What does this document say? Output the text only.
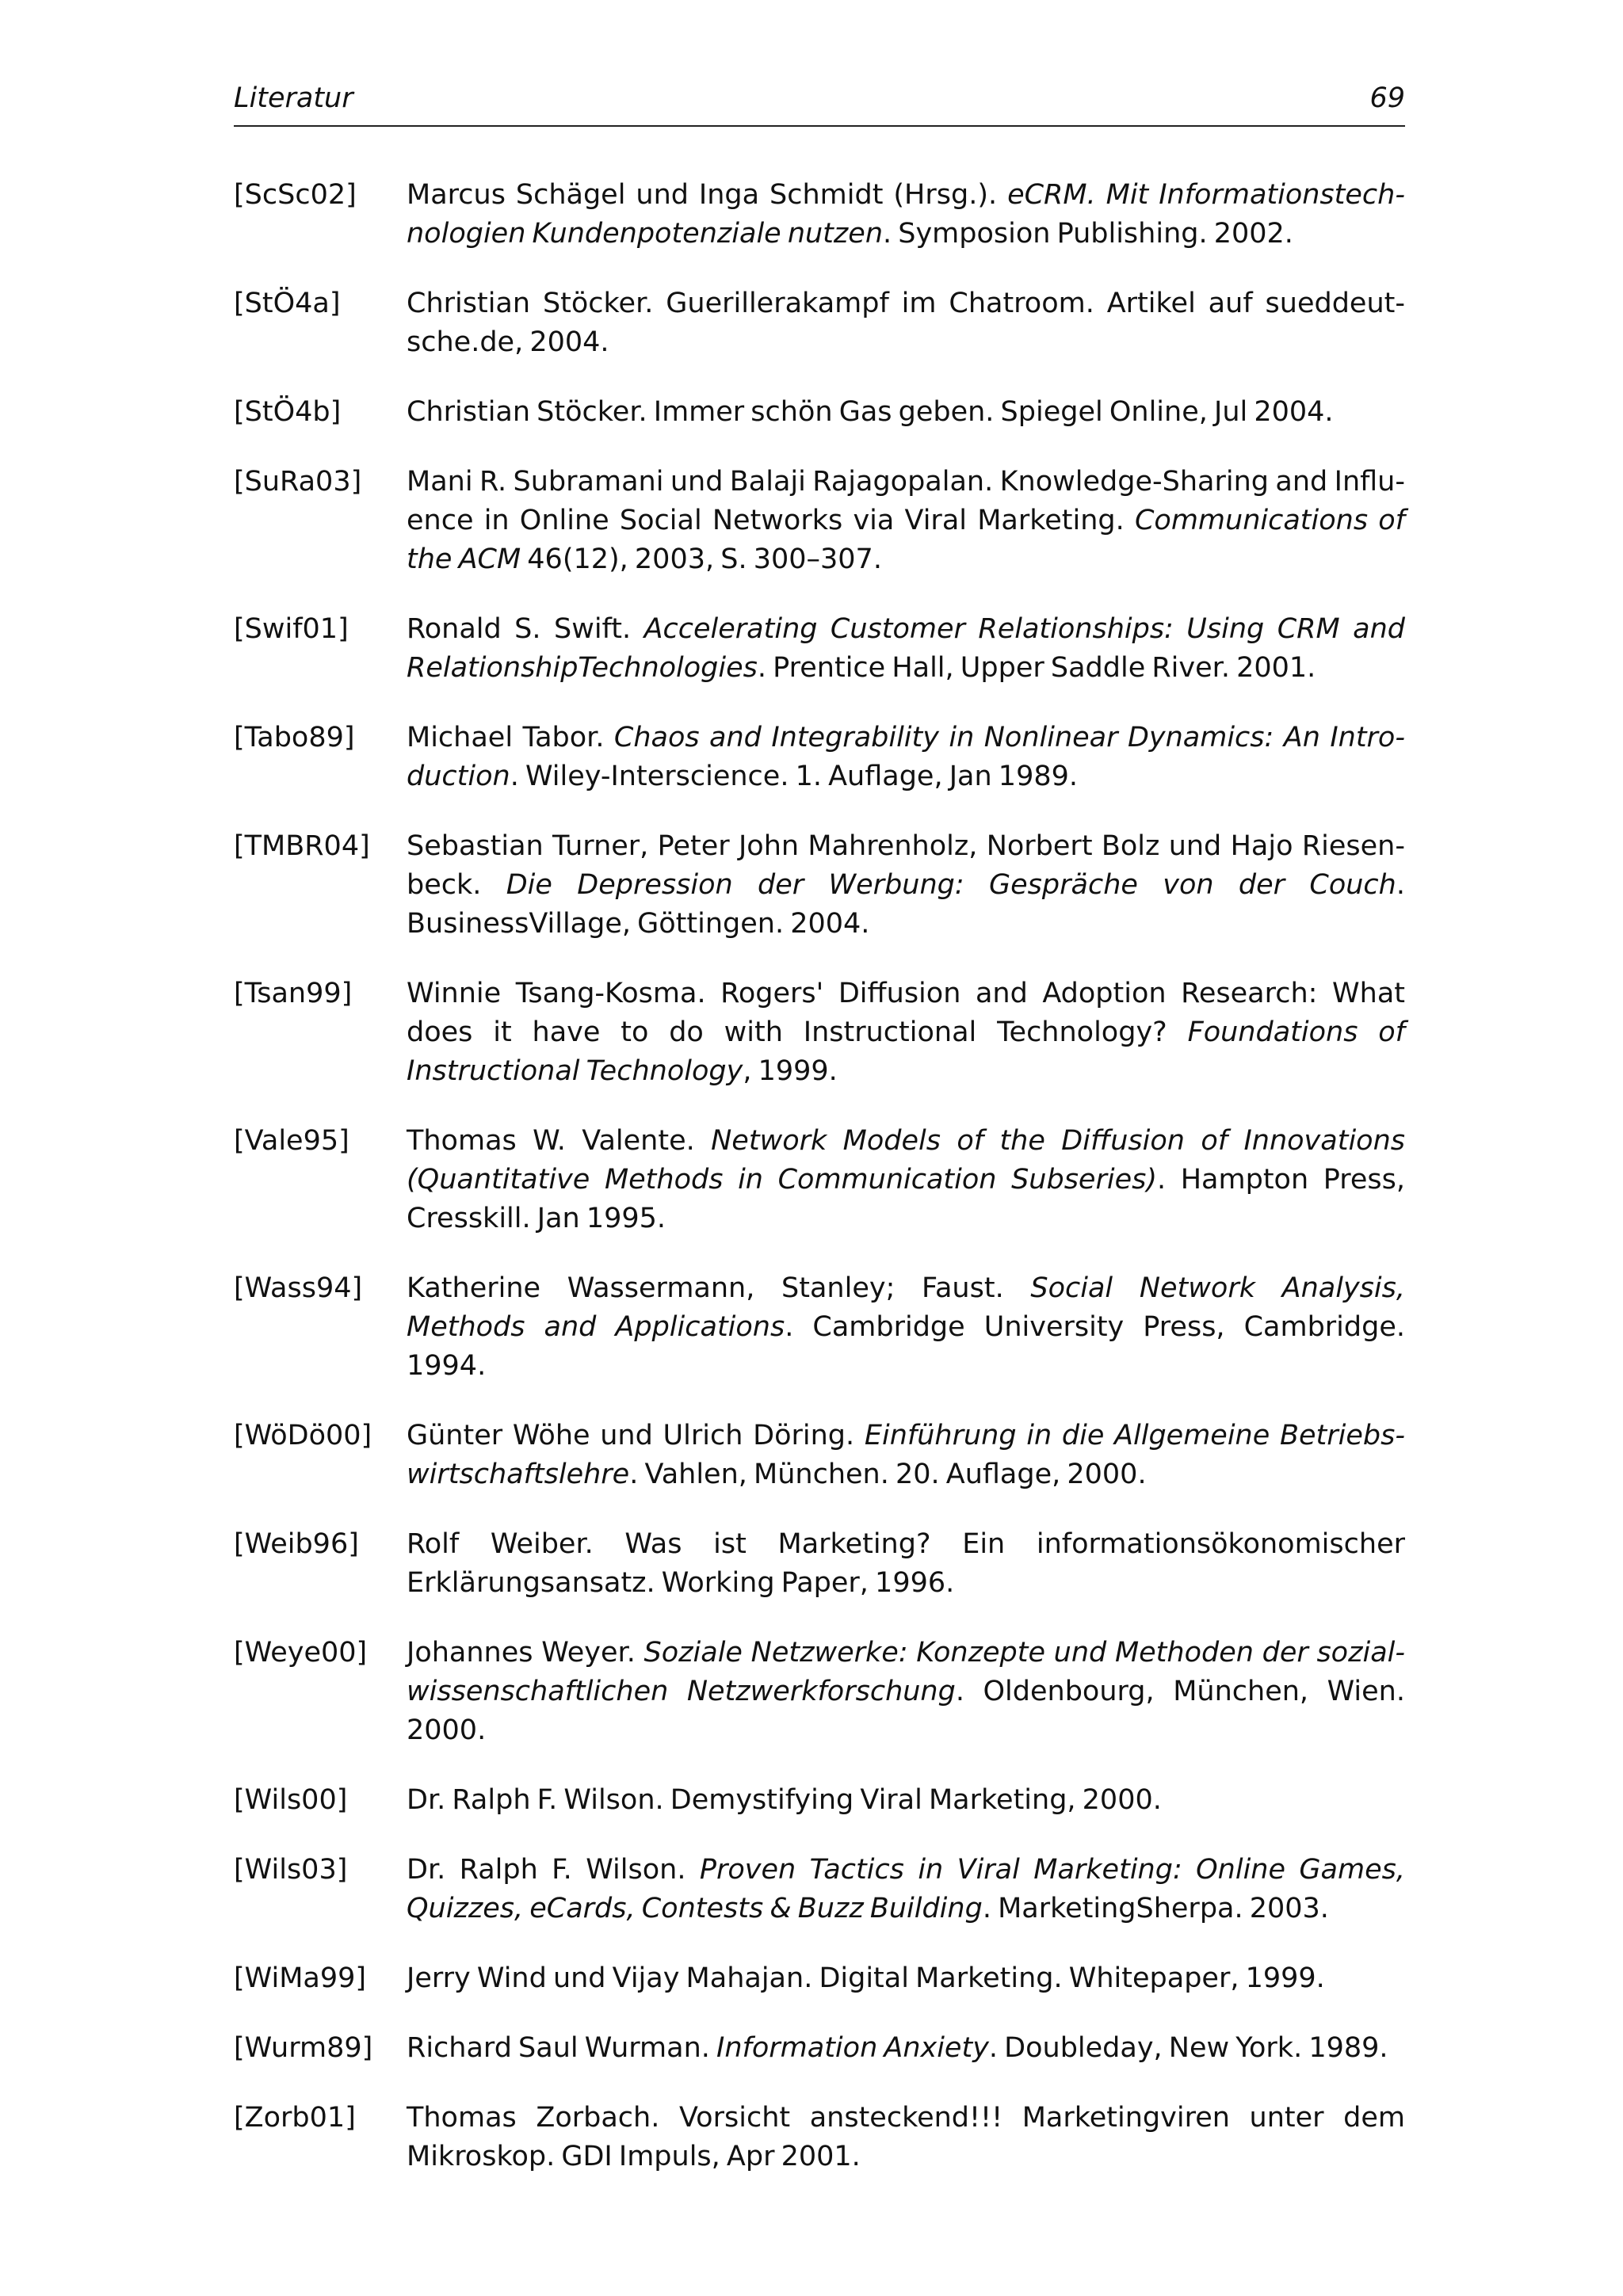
Literatur	69
[ScSc02] Marcus Schägel und Inga Schmidt (Hrsg.). eCRM. Mit Informationstechnologien Kundenpotenziale nutzen. Symposion Publishing. 2002.
[StÖ4a] Christian Stöcker. Guerillerakampf im Chatroom. Artikel auf sueddeutsche.de, 2004.
[StÖ4b] Christian Stöcker. Immer schön Gas geben. Spiegel Online, Jul 2004.
[SuRa03] Mani R. Subramani und Balaji Rajagopalan. Knowledge-Sharing and Influence in Online Social Networks via Viral Marketing. Communications of the ACM 46(12), 2003, S. 300–307.
[Swif01] Ronald S. Swift. Accelerating Customer Relationships: Using CRM and RelationshipTechnologies. Prentice Hall, Upper Saddle River. 2001.
[Tabo89] Michael Tabor. Chaos and Integrability in Nonlinear Dynamics: An Introduction. Wiley-Interscience. 1. Auflage, Jan 1989.
[TMBR04] Sebastian Turner, Peter John Mahrenholz, Norbert Bolz und Hajo Riesenbeck. Die Depression der Werbung: Gespräche von der Couch. BusinessVillage, Göttingen. 2004.
[Tsan99] Winnie Tsang-Kosma. Rogers' Diffusion and Adoption Research: What does it have to do with Instructional Technology? Foundations of Instructional Technology, 1999.
[Vale95] Thomas W. Valente. Network Models of the Diffusion of Innovations (Quantitative Methods in Communication Subseries). Hampton Press, Cresskill. Jan 1995.
[Wass94] Katherine Wassermann, Stanley; Faust. Social Network Analysis, Methods and Applications. Cambridge University Press, Cambridge. 1994.
[WöDö00] Günter Wöhe und Ulrich Döring. Einführung in die Allgemeine Betriebswirtschaftslehre. Vahlen, München. 20. Auflage, 2000.
[Weib96] Rolf Weiber. Was ist Marketing? Ein informationsökonomischer Erklärungsansatz. Working Paper, 1996.
[Weye00] Johannes Weyer. Soziale Netzwerke: Konzepte und Methoden der sozialwissenschaftlichen Netzwerkforschung. Oldenbourg, München, Wien. 2000.
[Wils00] Dr. Ralph F. Wilson. Demystifying Viral Marketing, 2000.
[Wils03] Dr. Ralph F. Wilson. Proven Tactics in Viral Marketing: Online Games, Quizzes, eCards, Contests & Buzz Building. MarketingSherpa. 2003.
[WiMa99] Jerry Wind und Vijay Mahajan. Digital Marketing. Whitepaper, 1999.
[Wurm89] Richard Saul Wurman. Information Anxiety. Doubleday, New York. 1989.
[Zorb01] Thomas Zorbach. Vorsicht ansteckend!!! Marketingviren unter dem Mikroskop. GDI Impuls, Apr 2001.
